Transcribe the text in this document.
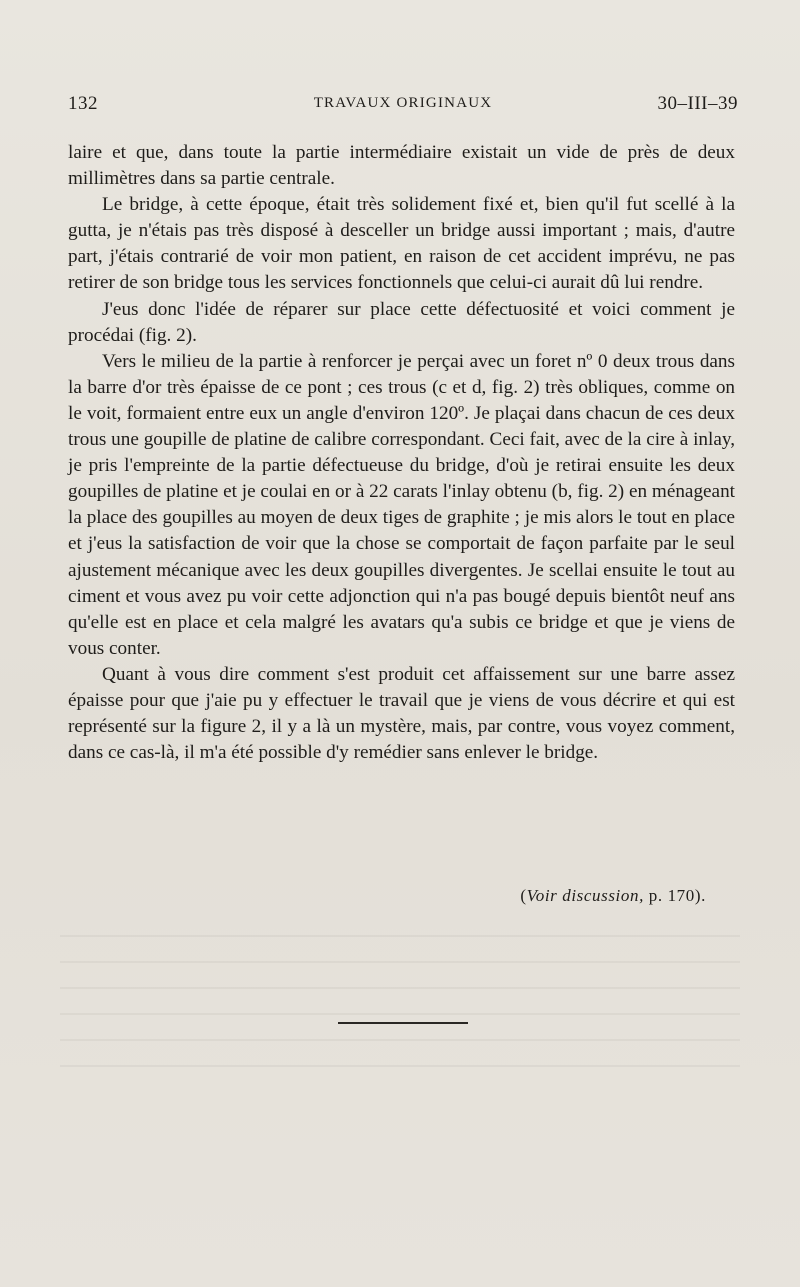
132	TRAVAUX ORIGINAUX	30–III–39

laire et que, dans toute la partie intermédiaire existait un vide de près de deux millimètres dans sa partie centrale.

Le bridge, à cette époque, était très solidement fixé et, bien qu'il fut scellé à la gutta, je n'étais pas très disposé à desceller un bridge aussi important ; mais, d'autre part, j'étais contrarié de voir mon patient, en raison de cet accident imprévu, ne pas retirer de son bridge tous les services fonctionnels que celui-ci aurait dû lui rendre.

J'eus donc l'idée de réparer sur place cette défectuosité et voici comment je procédai (fig. 2).

Vers le milieu de la partie à renforcer je perçai avec un foret nº 0 deux trous dans la barre d'or très épaisse de ce pont ; ces trous (c et d, fig. 2) très obliques, comme on le voit, formaient entre eux un angle d'environ 120º. Je plaçai dans chacun de ces deux trous une goupille de platine de calibre correspondant. Ceci fait, avec de la cire à inlay, je pris l'empreinte de la partie défectueuse du bridge, d'où je retirai ensuite les deux goupilles de platine et je coulai en or à 22 carats l'inlay obtenu (b, fig. 2) en ménageant la place des goupilles au moyen de deux tiges de graphite ; je mis alors le tout en place et j'eus la satisfaction de voir que la chose se comportait de façon parfaite par le seul ajustement mécanique avec les deux goupilles divergentes. Je scellai ensuite le tout au ciment et vous avez pu voir cette adjonction qui n'a pas bougé depuis bientôt neuf ans qu'elle est en place et cela malgré les avatars qu'a subis ce bridge et que je viens de vous conter.

Quant à vous dire comment s'est produit cet affaissement sur une barre assez épaisse pour que j'aie pu y effectuer le travail que je viens de vous décrire et qui est représenté sur la figure 2, il y a là un mystère, mais, par contre, vous voyez comment, dans ce cas-là, il m'a été possible d'y remédier sans enlever le bridge.

(Voir discussion, p. 170).
